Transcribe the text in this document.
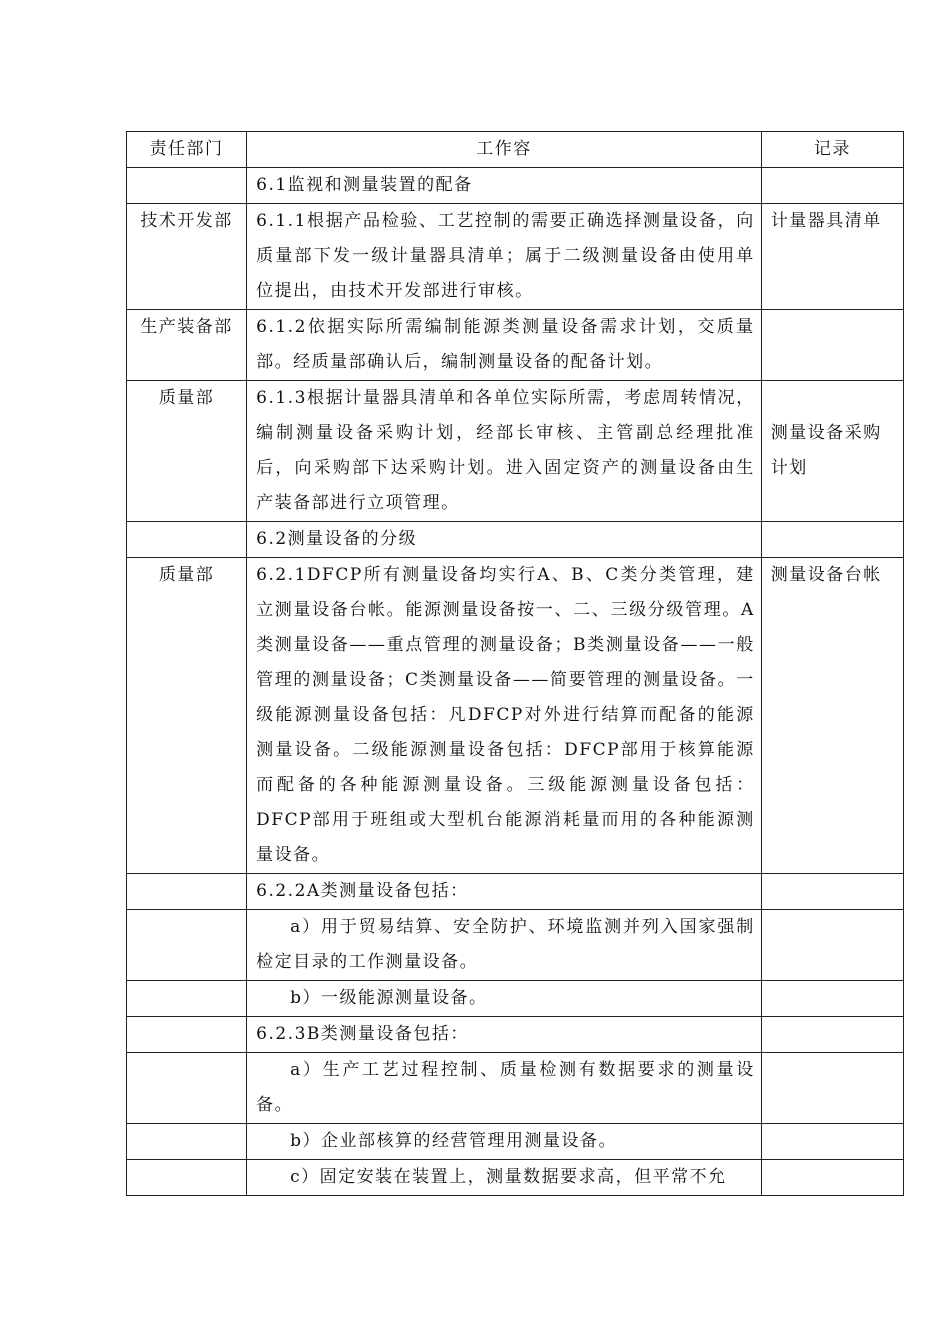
责任部门	工作容	记录
	6.1监视和测量装置的配备	
技术开发部	6.1.1根据产品检验、工艺控制的需要正确选择测量设备，向质量部下发一级计量器具清单；属于二级测量设备由使用单位提出，由技术开发部进行审核。	计量器具清单
生产装备部	6.1.2依据实际所需编制能源类测量设备需求计划，交质量部。经质量部确认后，编制测量设备的配备计划。	
质量部	6.1.3根据计量器具清单和各单位实际所需，考虑周转情况，编制测量设备采购计划，经部长审核、主管副总经理批准后，向采购部下达采购计划。进入固定资产的测量设备由生产装备部进行立项管理。	测量设备采购计划
	6.2测量设备的分级	
质量部	6.2.1DFCP所有测量设备均实行A、B、C类分类管理，建立测量设备台帐。能源测量设备按一、二、三级分级管理。A类测量设备——重点管理的测量设备；B类测量设备——一般管理的测量设备；C类测量设备——简要管理的测量设备。一级能源测量设备包括：凡DFCP对外进行结算而配备的能源测量设备。二级能源测量设备包括：DFCP部用于核算能源而配备的各种能源测量设备。三级能源测量设备包括：DFCP部用于班组或大型机台能源消耗量而用的各种能源测量设备。	测量设备台帐
	6.2.2A类测量设备包括：	
	a）用于贸易结算、安全防护、环境监测并列入国家强制检定目录的工作测量设备。	
	b）一级能源测量设备。	
	6.2.3B类测量设备包括：	
	a）生产工艺过程控制、质量检测有数据要求的测量设备。	
	b）企业部核算的经营管理用测量设备。	
	c）固定安装在装置上，测量数据要求高，但平常不允	
